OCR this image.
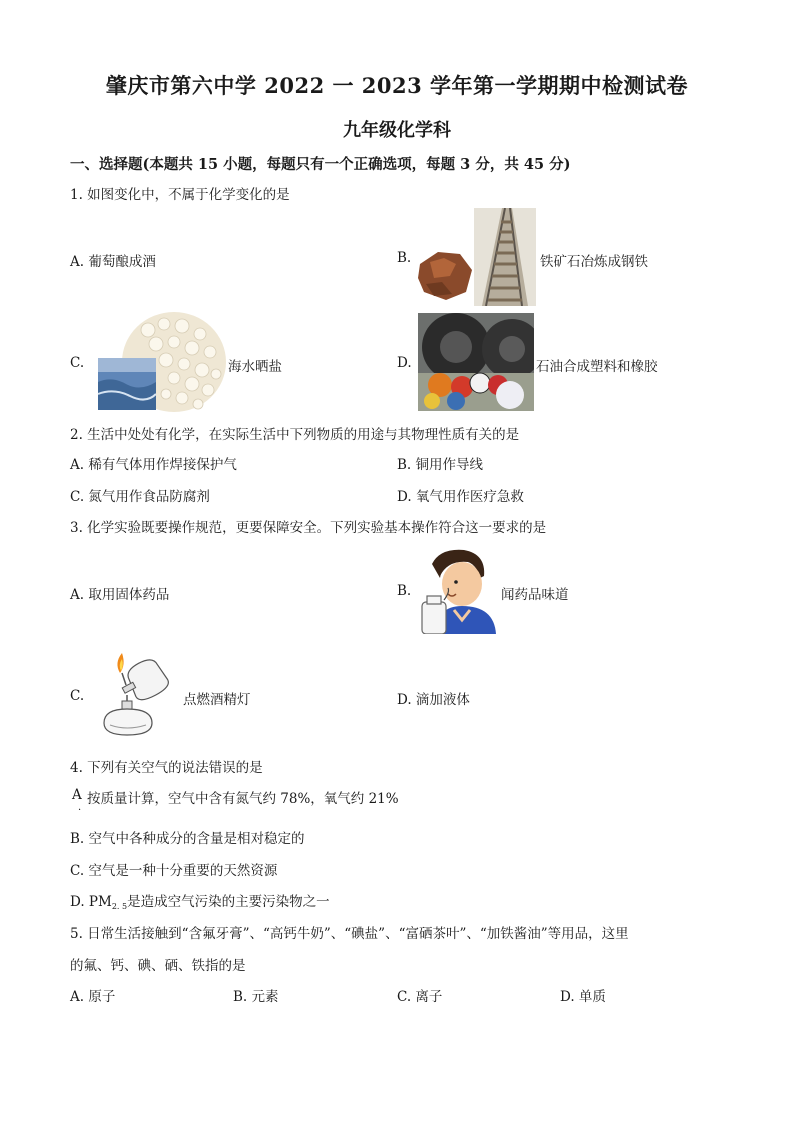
肇庆市第六中学 2022 一 2023 学年第一学期期中检测试卷
九年级化学科
一、选择题(本题共 15 小题，每题只有一个正确选项，每题 3 分，共 45 分)
1. 如图变化中，不属于化学变化的是
A. 葡萄酿成酒	B.	铁矿石冶炼成钢铁
C.	海水晒盐	D.	石油合成塑料和橡胶
2. 生活中处处有化学，在实际生活中下列物质的用途与其物理性质有关的是
A. 稀有气体用作焊接保护气	B. 铜用作导线
C. 氮气用作食品防腐剂	D. 氧气用作医疗急救
3. 化学实验既要操作规范，更要保障安全。下列实验基本操作符合这一要求的是
A. 取用固体药品	B.	闻药品味道
C.	点燃酒精灯	D. 滴加液体
4. 下列有关空气的说法错误的是
A 按质量计算，空气中含有氮气约 78%，氧气约 21%
·
B. 空气中各种成分的含量是相对稳定的
C. 空气是一种十分重要的天然资源
D. $PM_{2. 5}$是造成空气污染的主要污染物之一
5. 日常生活接触到“含氟牙膏”、“高钙牛奶”、“碘盐”、“富硒茶叶”、“加铁酱油”等用品，这里
的氟、钙、碘、硒、铁指的是
A. 原子	B. 元素	C. 离子	D. 单质
